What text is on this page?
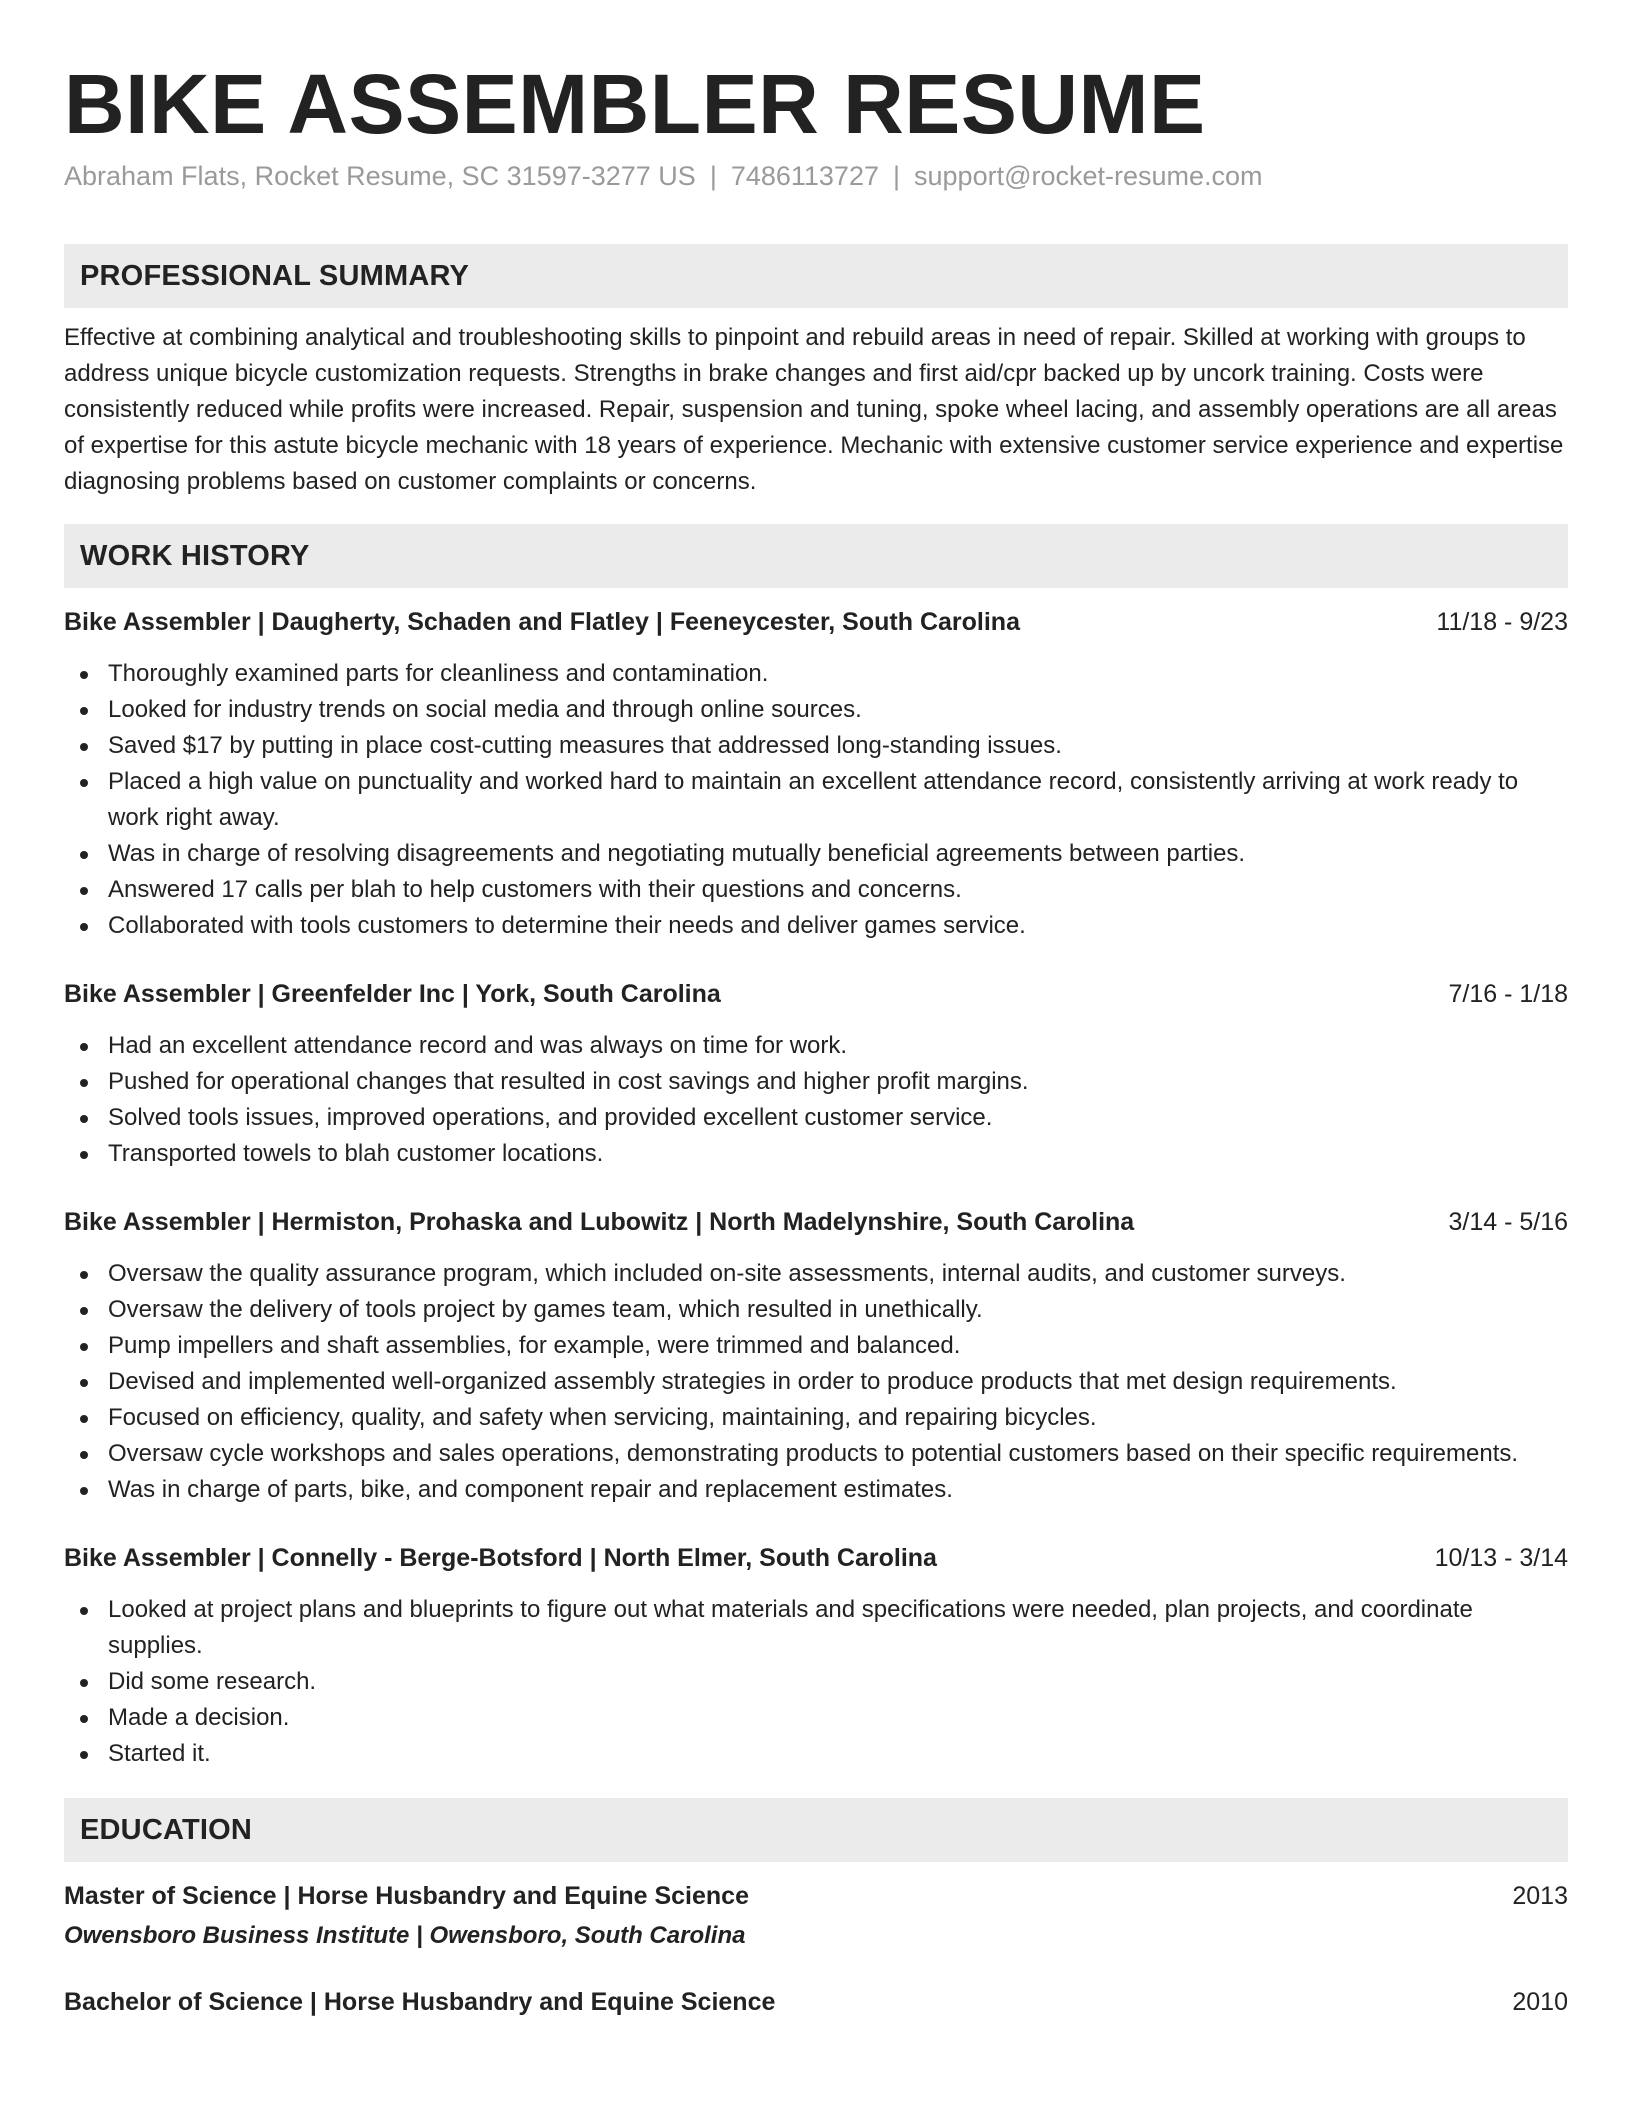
BIKE ASSEMBLER RESUME
Abraham Flats, Rocket Resume, SC 31597-3277 US | 7486113727 | support@rocket-resume.com
PROFESSIONAL SUMMARY

Effective at combining analytical and troubleshooting skills to pinpoint and rebuild areas in need of repair. Skilled at working with groups to address unique bicycle customization requests. Strengths in brake changes and first aid/cpr backed up by uncork training. Costs were consistently reduced while profits were increased. Repair, suspension and tuning, spoke wheel lacing, and assembly operations are all areas of expertise for this astute bicycle mechanic with 18 years of experience. Mechanic with extensive customer service experience and expertise diagnosing problems based on customer complaints or concerns.

WORK HISTORY
Bike Assembler | Daugherty, Schaden and Flatley | Feeneycester, South Carolina	11/18 - 9/23
Thoroughly examined parts for cleanliness and contamination.
Looked for industry trends on social media and through online sources.
Saved $17 by putting in place cost-cutting measures that addressed long-standing issues.
Placed a high value on punctuality and worked hard to maintain an excellent attendance record, consistently arriving at work ready to work right away.
Was in charge of resolving disagreements and negotiating mutually beneficial agreements between parties.
Answered 17 calls per blah to help customers with their questions and concerns.
Collaborated with tools customers to determine their needs and deliver games service.
Bike Assembler | Greenfelder Inc | York, South Carolina	7/16 - 1/18
Had an excellent attendance record and was always on time for work.
Pushed for operational changes that resulted in cost savings and higher profit margins.
Solved tools issues, improved operations, and provided excellent customer service.
Transported towels to blah customer locations.
Bike Assembler | Hermiston, Prohaska and Lubowitz | North Madelynshire, South Carolina	3/14 - 5/16
Oversaw the quality assurance program, which included on-site assessments, internal audits, and customer surveys.
Oversaw the delivery of tools project by games team, which resulted in unethically.
Pump impellers and shaft assemblies, for example, were trimmed and balanced.
Devised and implemented well-organized assembly strategies in order to produce products that met design requirements.
Focused on efficiency, quality, and safety when servicing, maintaining, and repairing bicycles.
Oversaw cycle workshops and sales operations, demonstrating products to potential customers based on their specific requirements.
Was in charge of parts, bike, and component repair and replacement estimates.
Bike Assembler | Connelly - Berge-Botsford | North Elmer, South Carolina	10/13 - 3/14
Looked at project plans and blueprints to figure out what materials and specifications were needed, plan projects, and coordinate supplies.
Did some research.
Made a decision.
Started it.
EDUCATION
Master of Science | Horse Husbandry and Equine Science	2013
Owensboro Business Institute | Owensboro, South Carolina
Bachelor of Science | Horse Husbandry and Equine Science	2010
